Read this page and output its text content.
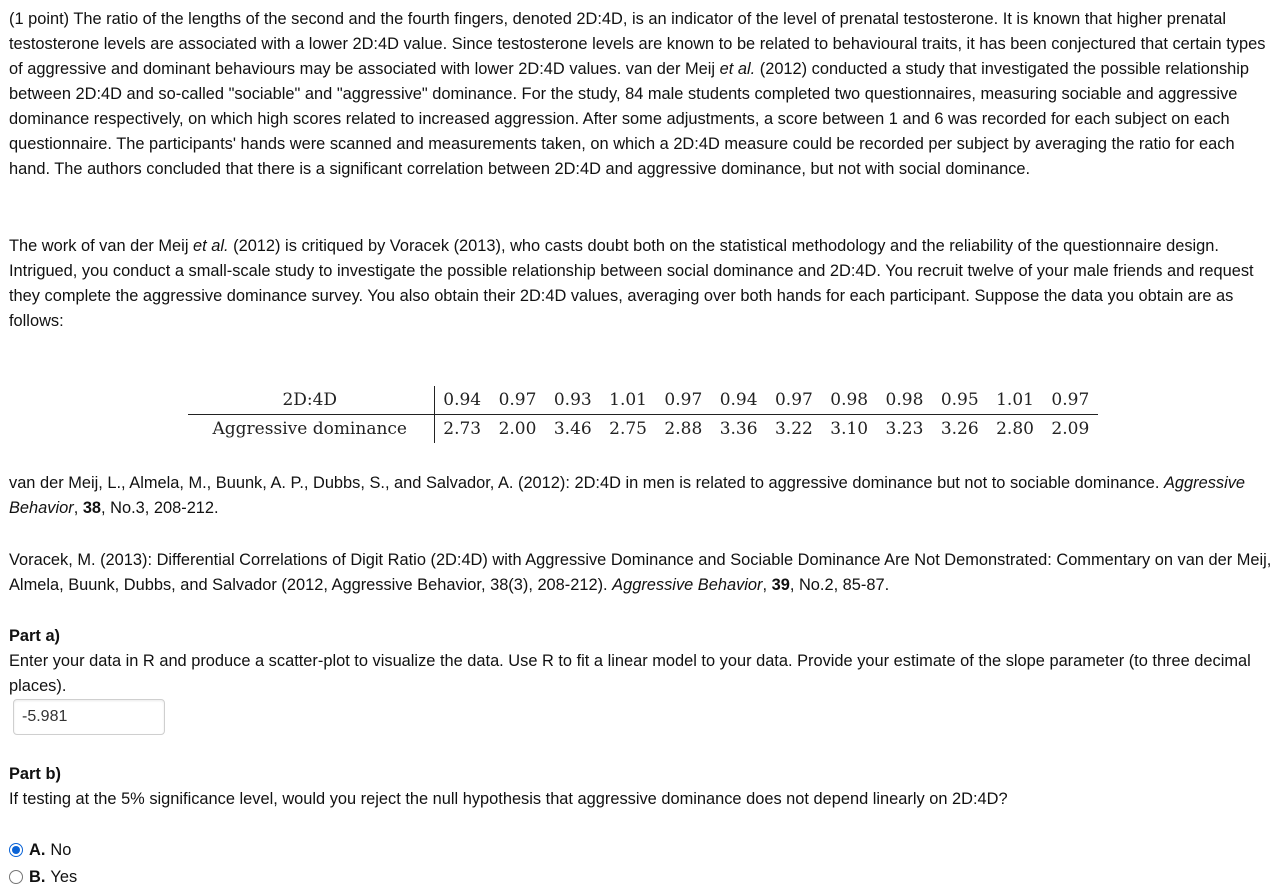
(1 point) The ratio of the lengths of the second and the fourth fingers, denoted 2D:4D, is an indicator of the level of prenatal testosterone. It is known that higher prenatal testosterone levels are associated with a lower 2D:4D value. Since testosterone levels are known to be related to behavioural traits, it has been conjectured that certain types of aggressive and dominant behaviours may be associated with lower 2D:4D values. van der Meij et al. (2012) conducted a study that investigated the possible relationship between 2D:4D and so-called "sociable" and "aggressive" dominance. For the study, 84 male students completed two questionnaires, measuring sociable and aggressive dominance respectively, on which high scores related to increased aggression. After some adjustments, a score between 1 and 6 was recorded for each subject on each questionnaire. The participants' hands were scanned and measurements taken, on which a 2D:4D measure could be recorded per subject by averaging the ratio for each hand. The authors concluded that there is a significant correlation between 2D:4D and aggressive dominance, but not with social dominance.

The work of van der Meij et al. (2012) is critiqued by Voracek (2013), who casts doubt both on the statistical methodology and the reliability of the questionnaire design. Intrigued, you conduct a small-scale study to investigate the possible relationship between social dominance and 2D:4D. You recruit twelve of your male friends and request they complete the aggressive dominance survey. You also obtain their 2D:4D values, averaging over both hands for each participant. Suppose the data you obtain are as follows:

2D:4D	0.94	0.97	0.93	1.01	0.97	0.94	0.97	0.98	0.98	0.95	1.01	0.97
Aggressive dominance	2.73	2.00	3.46	2.75	2.88	3.36	3.22	3.10	3.23	3.26	2.80	2.09

van der Meij, L., Almela, M., Buunk, A. P., Dubbs, S., and Salvador, A. (2012): 2D:4D in men is related to aggressive dominance but not to sociable dominance. Aggressive Behavior, 38, No.3, 208-212.

Voracek, M. (2013): Differential Correlations of Digit Ratio (2D:4D) with Aggressive Dominance and Sociable Dominance Are Not Demonstrated: Commentary on van der Meij, Almela, Buunk, Dubbs, and Salvador (2012, Aggressive Behavior, 38(3), 208-212). Aggressive Behavior, 39, No.2, 85-87.

Part a)

Enter your data in R and produce a scatter-plot to visualize the data. Use R to fit a linear model to your data. Provide your estimate of the slope parameter (to three decimal places).

-5.981
Part b)

If testing at the 5% significance level, would you reject the null hypothesis that aggressive dominance does not depend linearly on 2D:4D?

A. No
B. Yes
